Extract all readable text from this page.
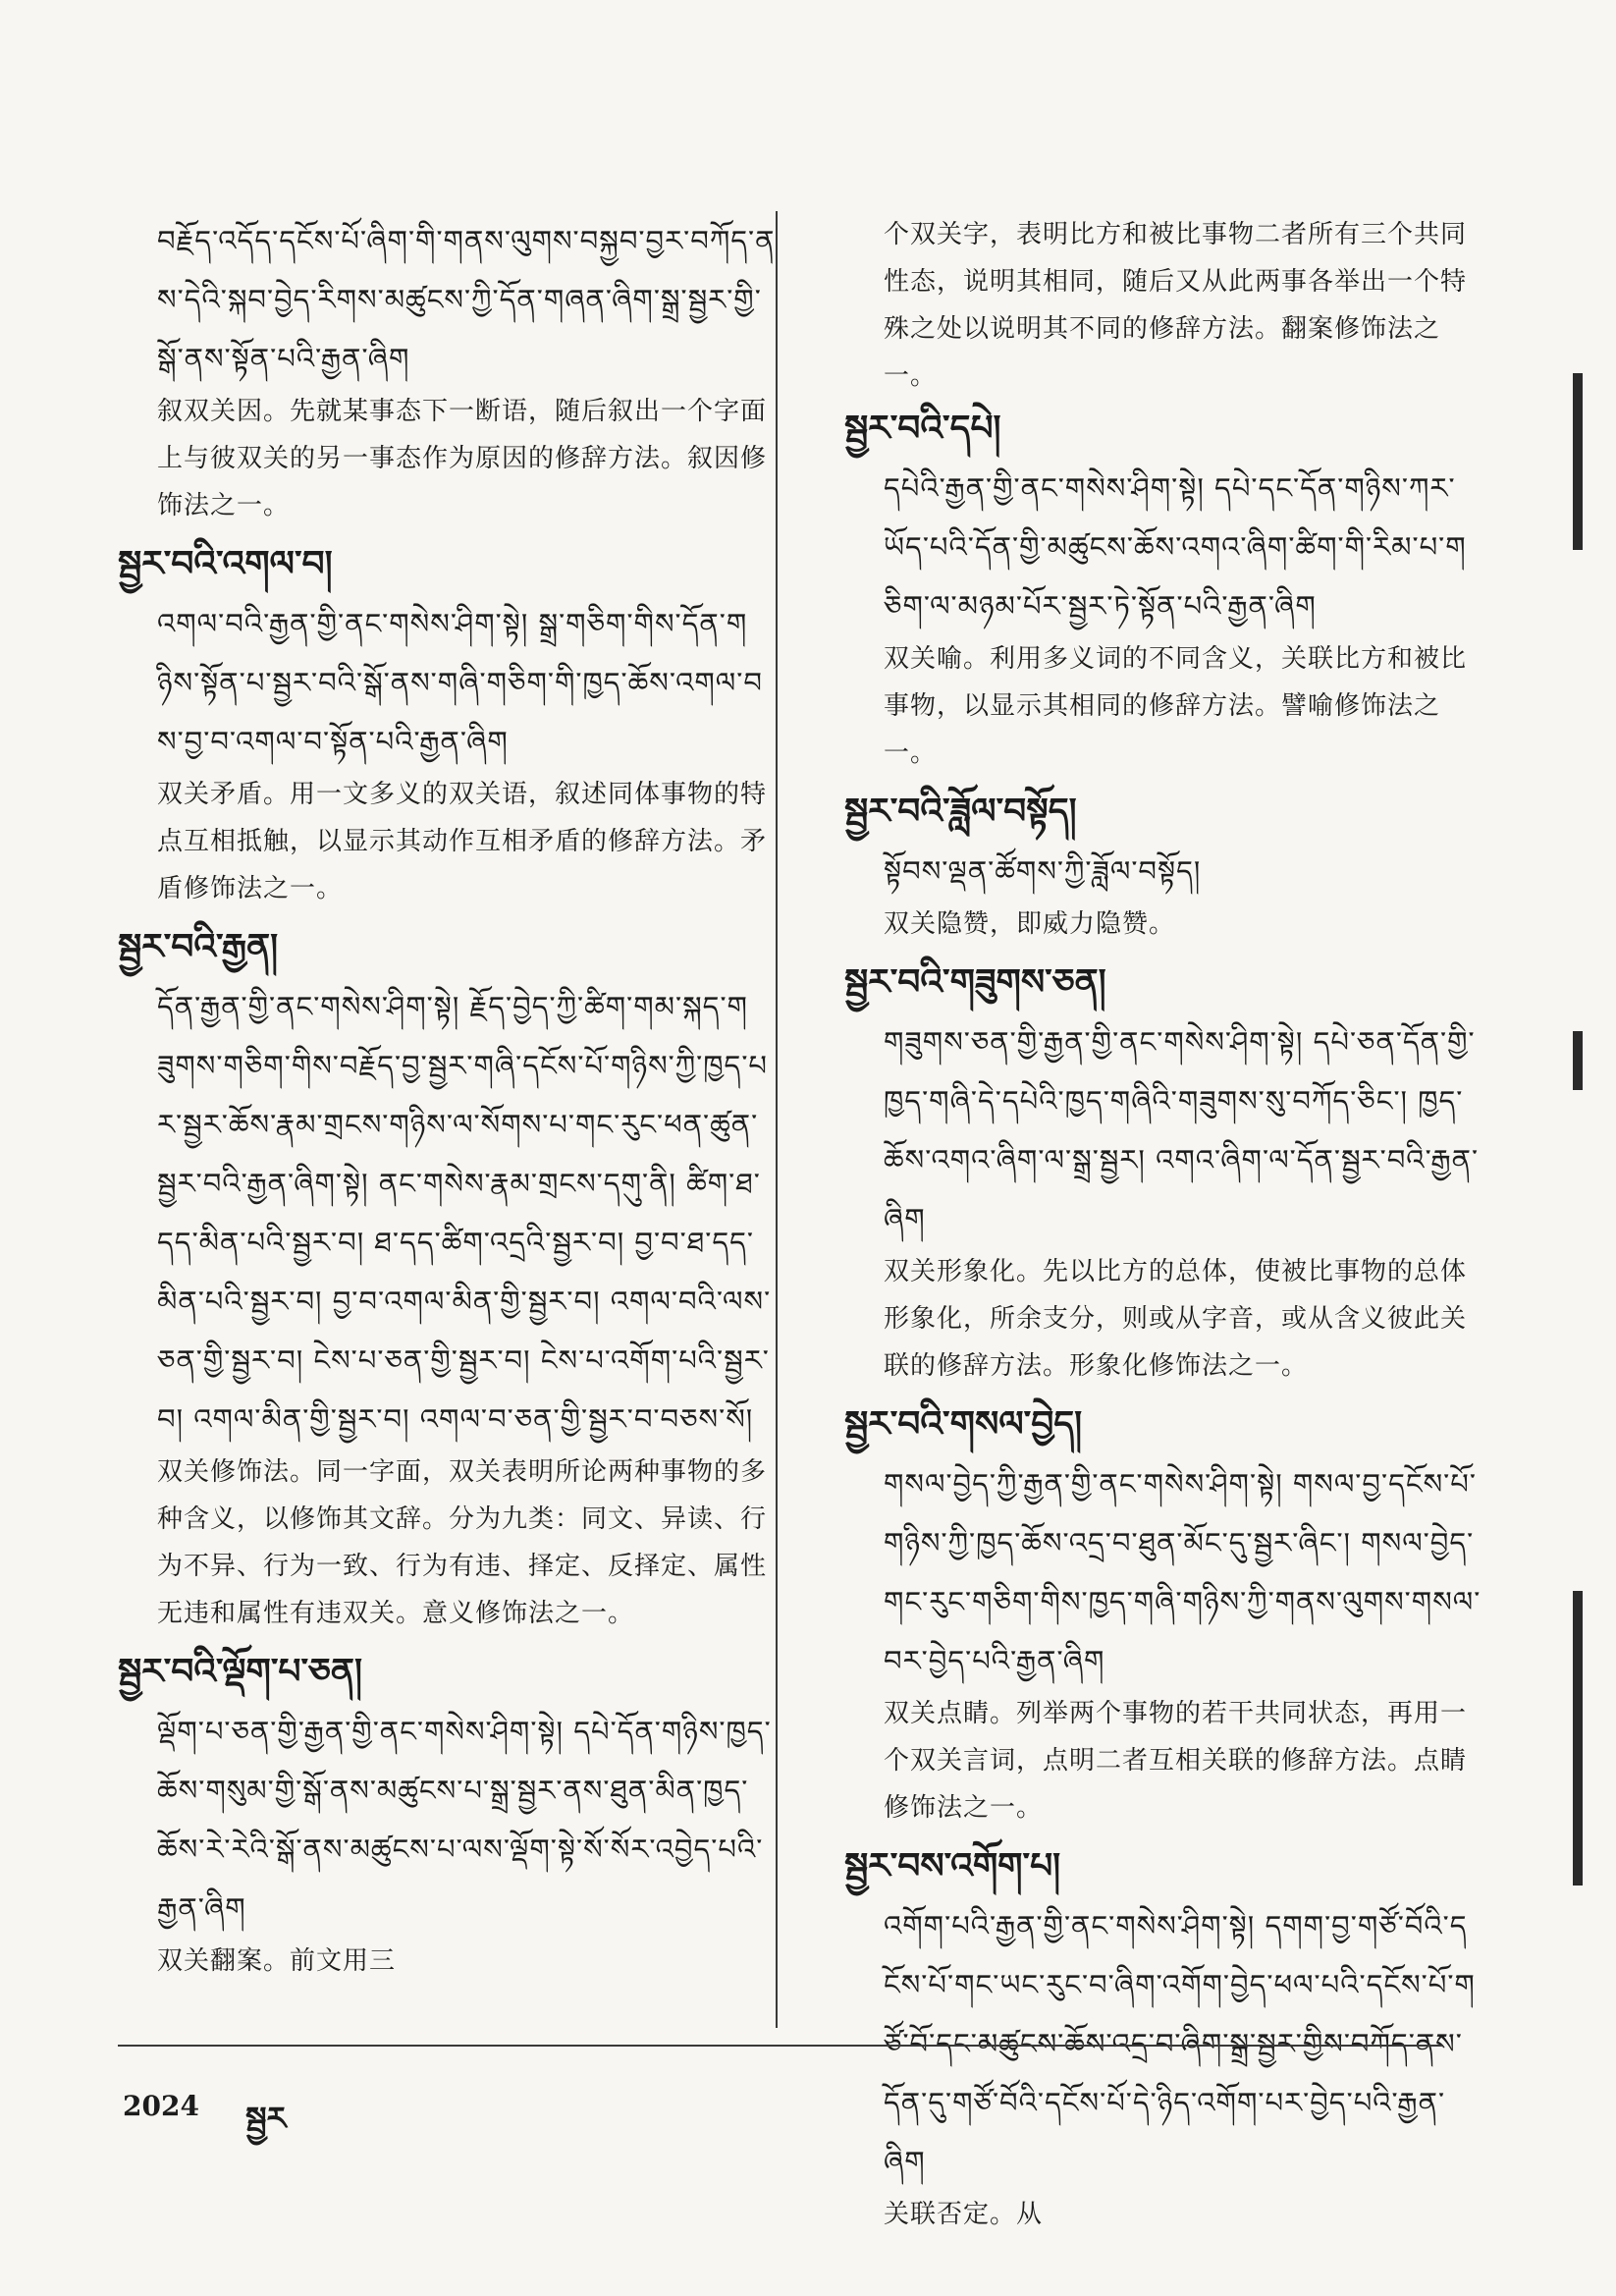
བརྗོད་འདོད་དངོས་པོ་ཞིག་གི་གནས་ལུགས་བསྐྱབ་བྱར་བཀོད་ནས་དེའི་སྐབ་བྱེད་རིགས་མཚུངས་ཀྱི་དོན་གཞན་ཞིག་སྒྲ་སྦྱར་གྱི་སྒོ་ནས་སྟོན་པའི་རྒྱན་ཞིག
叙双关因。先就某事态下一断语，随后叙出一个字面上与彼双关的另一事态作为原因的修辞方法。叙因修饰法之一。
སྦྱར་བའི་འགལ་བ།
འགལ་བའི་རྒྱན་གྱི་ནང་གསེས་ཤིག་སྟེ། སྒྲ་གཅིག་གིས་དོན་གཉིས་སྟོན་པ་སྦྱར་བའི་སྒོ་ནས་གཞི་གཅིག་གི་ཁྱད་ཆོས་འགལ་བས་བྱ་བ་འགལ་བ་སྟོན་པའི་རྒྱན་ཞིག
双关矛盾。用一文多义的双关语，叙述同体事物的特点互相抵触，以显示其动作互相矛盾的修辞方法。矛盾修饰法之一。
སྦྱར་བའི་རྒྱན།
དོན་རྒྱན་གྱི་ནང་གསེས་ཤིག་སྟེ། རྗོད་བྱེད་ཀྱི་ཚིག་གམ་སྐད་གཟུགས་གཅིག་གིས་བརྗོད་བྱ་སྦྱར་གཞི་དངོས་པོ་གཉིས་ཀྱི་ཁྱད་པར་སྦྱར་ཆོས་རྣམ་གྲངས་གཉིས་ལ་སོགས་པ་གང་རུང་ཕན་ཚུན་སྦྱར་བའི་རྒྱན་ཞིག་སྟེ། ནང་གསེས་རྣམ་གྲངས་དགུ་ནི། ཚིག་ཐ་དད་མིན་པའི་སྦྱར་བ། ཐ་དད་ཚིག་འདྲའི་སྦྱར་བ། བྱ་བ་ཐ་དད་མིན་པའི་སྦྱར་བ། བྱ་བ་འགལ་མིན་གྱི་སྦྱར་བ། འགལ་བའི་ལས་ཅན་གྱི་སྦྱར་བ། ངེས་པ་ཅན་གྱི་སྦྱར་བ། ངེས་པ་འགོག་པའི་སྦྱར་བ། འགལ་མིན་གྱི་སྦྱར་བ། འགལ་བ་ཅན་གྱི་སྦྱར་བ་བཅས་སོ།
双关修饰法。同一字面，双关表明所论两种事物的多种含义，以修饰其文辞。分为九类：同文、异读、行为不异、行为一致、行为有违、择定、反择定、属性无违和属性有违双关。意义修饰法之一。
སྦྱར་བའི་ལྡོག་པ་ཅན།
ལྡོག་པ་ཅན་གྱི་རྒྱན་གྱི་ནང་གསེས་ཤིག་སྟེ། དཔེ་དོན་གཉིས་ཁྱད་ཆོས་གསུམ་གྱི་སྒོ་ནས་མཚུངས་པ་སྒྲ་སྦྱར་ནས་ཐུན་མིན་ཁྱད་ཆོས་རེ་རེའི་སྒོ་ནས་མཚུངས་པ་ལས་ལྡོག་སྟེ་སོ་སོར་འབྱེད་པའི་རྒྱན་ཞིག
双关翻案。前文用三
个双关字，表明比方和被比事物二者所有三个共同性态，说明其相同，随后又从此两事各举出一个特殊之处以说明其不同的修辞方法。翻案修饰法之一。
སྦྱར་བའི་དཔེ།
དཔེའི་རྒྱན་གྱི་ནང་གསེས་ཤིག་སྟེ། དཔེ་དང་དོན་གཉིས་ཀར་ཡོད་པའི་དོན་གྱི་མཚུངས་ཆོས་འགའ་ཞིག་ཚིག་གི་རིམ་པ་གཅིག་ལ་མཉམ་པོར་སྦྱར་ཏེ་སྟོན་པའི་རྒྱན་ཞིག
双关喻。利用多义词的不同含义，关联比方和被比事物，以显示其相同的修辞方法。譬喻修饰法之一。
སྦྱར་བའི་ཟློལ་བསྟོད།
སྟོབས་ལྡན་ཚོགས་ཀྱི་ཟློལ་བསྟོད།
双关隐赞，即威力隐赞。
སྦྱར་བའི་གཟུགས་ཅན།
གཟུགས་ཅན་གྱི་རྒྱན་གྱི་ནང་གསེས་ཤིག་སྟེ། དཔེ་ཅན་དོན་གྱི་ཁྱད་གཞི་དེ་དཔེའི་ཁྱད་གཞིའི་གཟུགས་སུ་བཀོད་ཅིང་། ཁྱད་ཆོས་འགའ་ཞིག་ལ་སྒྲ་སྦྱར། འགའ་ཞིག་ལ་དོན་སྦྱར་བའི་རྒྱན་ཞིག
双关形象化。先以比方的总体，使被比事物的总体形象化，所余支分，则或从字音，或从含义彼此关联的修辞方法。形象化修饰法之一。
སྦྱར་བའི་གསལ་བྱེད།
གསལ་བྱེད་ཀྱི་རྒྱན་གྱི་ནང་གསེས་ཤིག་སྟེ། གསལ་བྱ་དངོས་པོ་གཉིས་ཀྱི་ཁྱད་ཆོས་འདྲ་བ་ཐུན་མོང་དུ་སྦྱར་ཞིང་། གསལ་བྱེད་གང་རུང་གཅིག་གིས་ཁྱད་གཞི་གཉིས་ཀྱི་གནས་ལུགས་གསལ་བར་བྱེད་པའི་རྒྱན་ཞིག
双关点睛。列举两个事物的若干共同状态，再用一个双关言词，点明二者互相关联的修辞方法。点睛修饰法之一。
སྦྱར་བས་འགོག་པ།
འགོག་པའི་རྒྱན་གྱི་ནང་གསེས་ཤིག་སྟེ། དགག་བྱ་གཙོ་བོའི་དངོས་པོ་གང་ཡང་རུང་བ་ཞིག་འགོག་བྱེད་ཕལ་པའི་དངོས་པོ་གཙོ་བོ་དང་མཚུངས་ཆོས་འདྲ་བ་ཞིག་སྒྲ་སྦྱར་གྱིས་བཀོད་ནས་དོན་དུ་གཙོ་བོའི་དངོས་པོ་དེ་ཉིད་འགོག་པར་བྱེད་པའི་རྒྱན་ཞིག
关联否定。从
2024 སྦྱར
